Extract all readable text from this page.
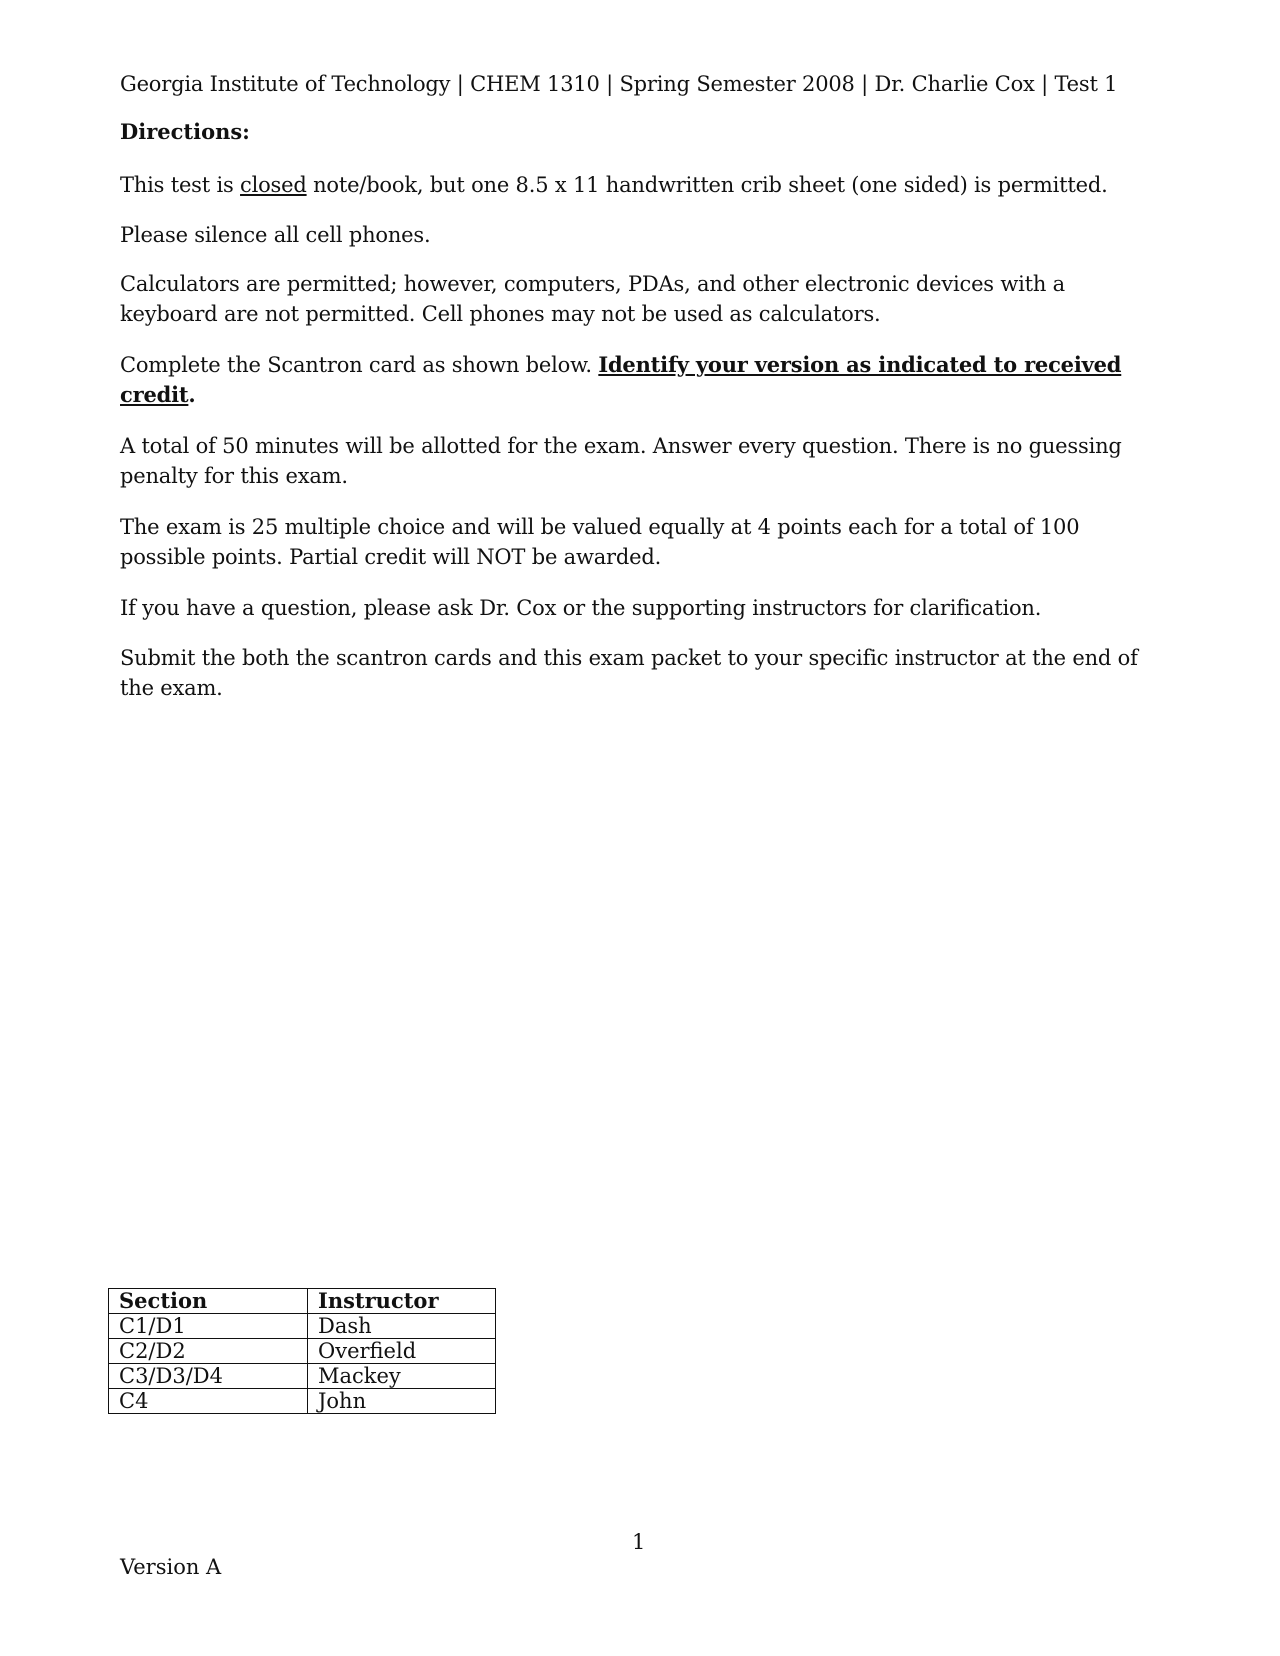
Georgia Institute of Technology | CHEM 1310 | Spring Semester 2008 | Dr. Charlie Cox | Test 1
Directions:
This test is closed note/book, but one 8.5 x 11 handwritten crib sheet (one sided) is permitted.
Please silence all cell phones.
Calculators are permitted; however, computers, PDAs, and other electronic devices with a keyboard are not permitted. Cell phones may not be used as calculators.
Complete the Scantron card as shown below. Identify your version as indicated to received credit.
A total of 50 minutes will be allotted for the exam. Answer every question. There is no guessing penalty for this exam.
The exam is 25 multiple choice and will be valued equally at 4 points each for a total of 100 possible points. Partial credit will NOT be awarded.
If you have a question, please ask Dr. Cox or the supporting instructors for clarification.
Submit the both the scantron cards and this exam packet to your specific instructor at the end of the exam.
Section	Instructor
C1/D1	Dash
C2/D2	Overfield
C3/D3/D4	Mackey
C4	John
1
Version A
